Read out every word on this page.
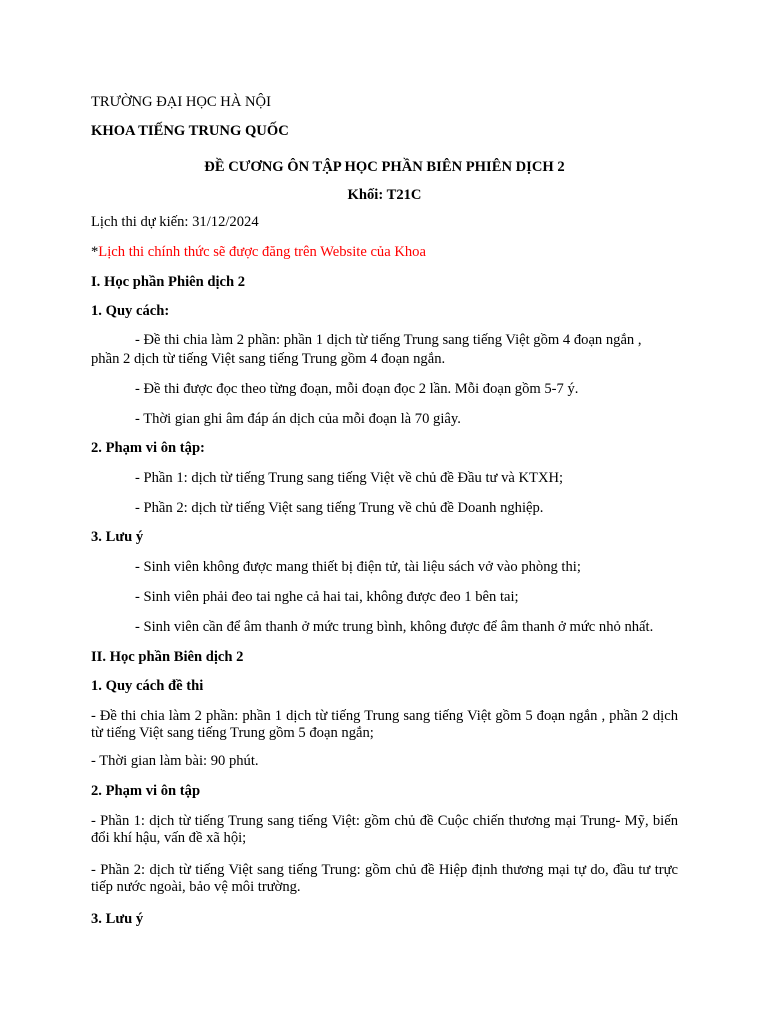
TRƯỜNG ĐẠI HỌC HÀ NỘI
KHOA TIẾNG TRUNG QUỐC
ĐỀ CƯƠNG ÔN TẬP HỌC PHẦN BIÊN PHIÊN DỊCH 2
Khối: T21C
Lịch thi dự kiến: 31/12/2024
*Lịch thi chính thức sẽ được đăng trên Website của Khoa
I. Học phần Phiên dịch 2
1. Quy cách:
- Đề thi chia làm 2 phần: phần 1 dịch từ tiếng Trung sang tiếng Việt gồm 4 đoạn ngắn ,
phần 2 dịch từ tiếng Việt sang tiếng Trung gồm 4 đoạn ngắn.
- Đề thi được đọc theo từng đoạn, mỗi đoạn đọc 2 lần. Mỗi đoạn gồm 5-7 ý.
- Thời gian ghi âm đáp án dịch của mỗi đoạn là 70 giây.
2. Phạm vi ôn tập:
- Phần 1: dịch từ tiếng Trung sang tiếng Việt về chủ đề Đầu tư và KTXH;
- Phần 2: dịch từ tiếng Việt sang tiếng Trung về chủ đề Doanh nghiệp.
3. Lưu ý
- Sinh viên không được mang thiết bị điện tử, tài liệu sách vở vào phòng thi;
- Sinh viên phải đeo tai nghe cả hai tai, không được đeo 1 bên tai;
- Sinh viên cần để âm thanh ở mức trung bình, không được để âm thanh ở mức nhỏ nhất.
II. Học phần Biên dịch 2
1. Quy cách đề thi
- Đề thi chia làm 2 phần: phần 1 dịch từ tiếng Trung sang tiếng Việt gồm 5 đoạn ngắn , phần 2 dịch từ tiếng Việt sang tiếng Trung gồm 5 đoạn ngắn;
- Thời gian làm bài: 90 phút.
2. Phạm vi ôn tập
- Phần 1: dịch từ tiếng Trung sang tiếng Việt: gồm chủ đề Cuộc chiến thương mại Trung- Mỹ, biến đổi khí hậu, vấn đề xã hội;
- Phần 2: dịch từ tiếng Việt sang tiếng Trung: gồm chủ đề Hiệp định thương mại tự do, đầu tư trực tiếp nước ngoài, bảo vệ môi trường.
3. Lưu ý
